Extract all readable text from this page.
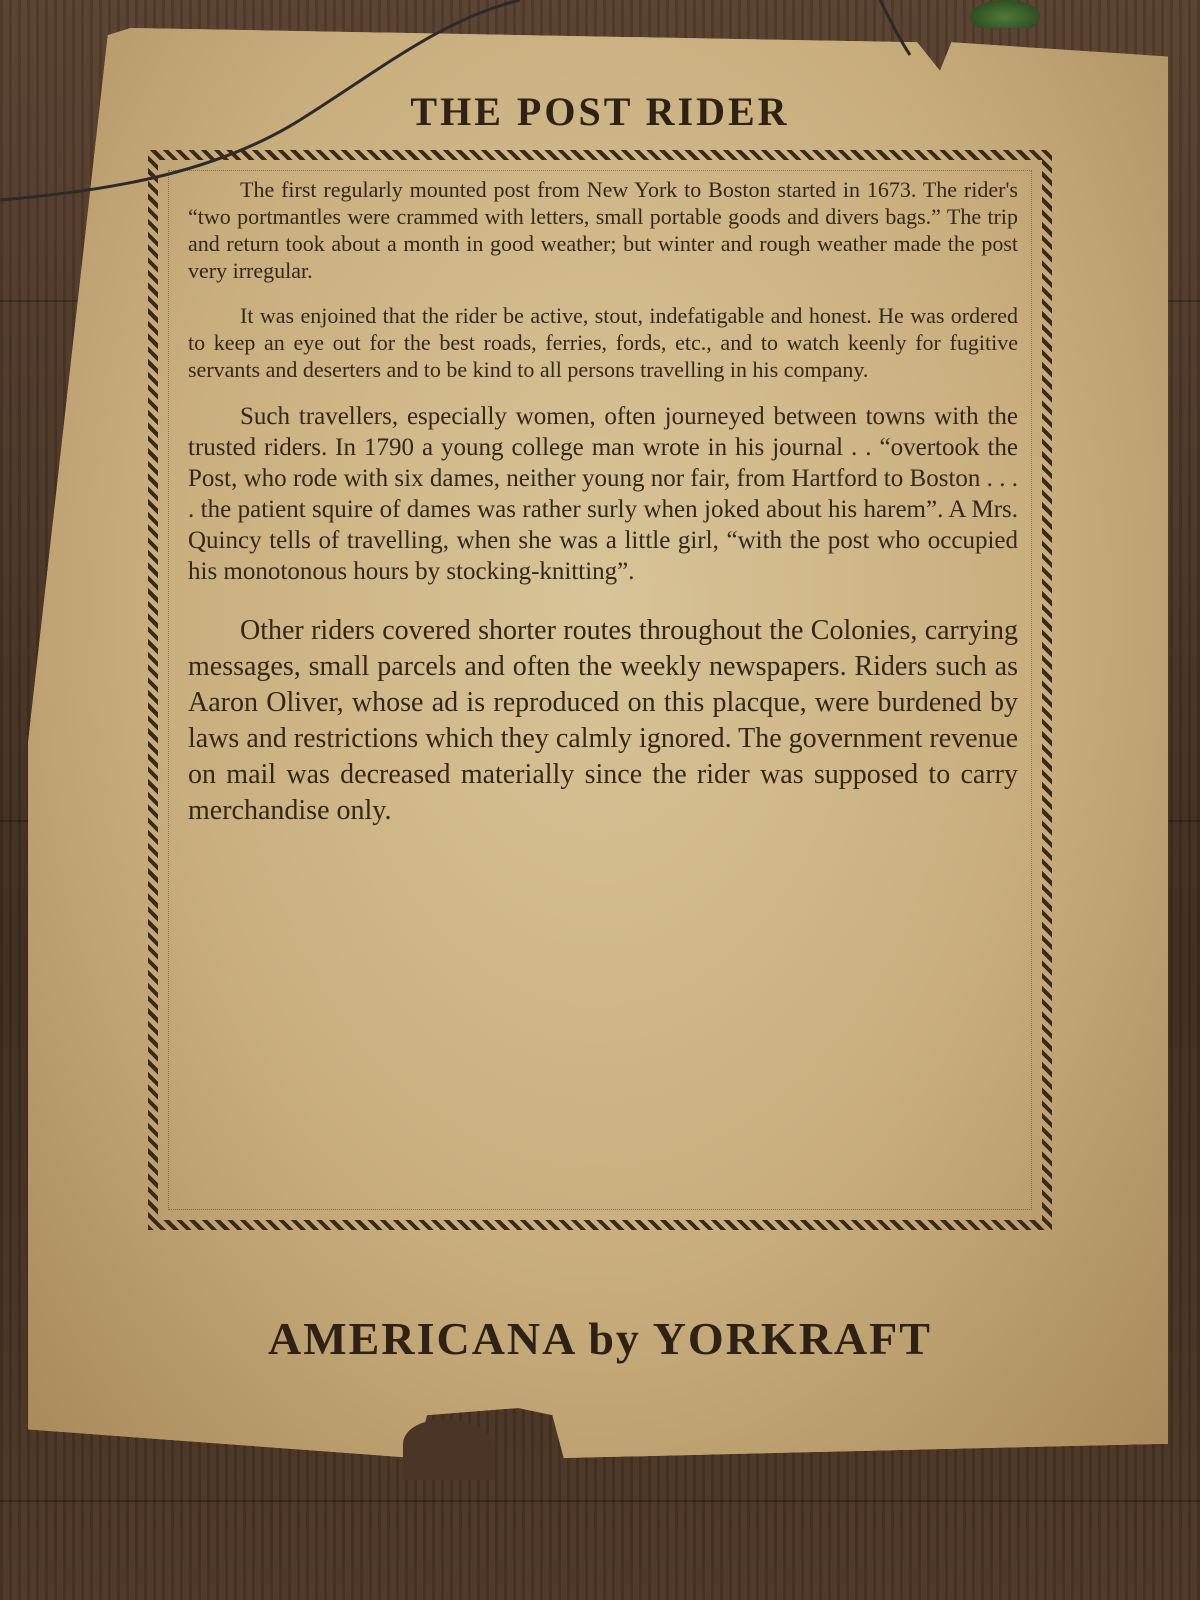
THE POST RIDER

The first regularly mounted post from New York to Boston started in 1673. The rider's “two portmantles were crammed with letters, small portable goods and divers bags.” The trip and return took about a month in good weather; but winter and rough weather made the post very irregular.

It was enjoined that the rider be active, stout, indefatigable and honest. He was ordered to keep an eye out for the best roads, ferries, fords, etc., and to watch keenly for fugitive servants and deserters and to be kind to all persons travelling in his company.

Such travellers, especially women, often journeyed between towns with the trusted riders. In 1790 a young college man wrote in his journal . . “overtook the Post, who rode with six dames, neither young nor fair, from Hartford to Boston . . . . the patient squire of dames was rather surly when joked about his harem”. A Mrs. Quincy tells of travelling, when she was a little girl, “with the post who occupied his monotonous hours by stocking-knitting”.

Other riders covered shorter routes throughout the Colonies, carrying messages, small parcels and often the weekly newspapers. Riders such as Aaron Oliver, whose ad is reproduced on this placque, were burdened by laws and restrictions which they calmly ignored. The government revenue on mail was decreased materially since the rider was supposed to carry merchandise only.

AMERICANA by YORKRAFT
